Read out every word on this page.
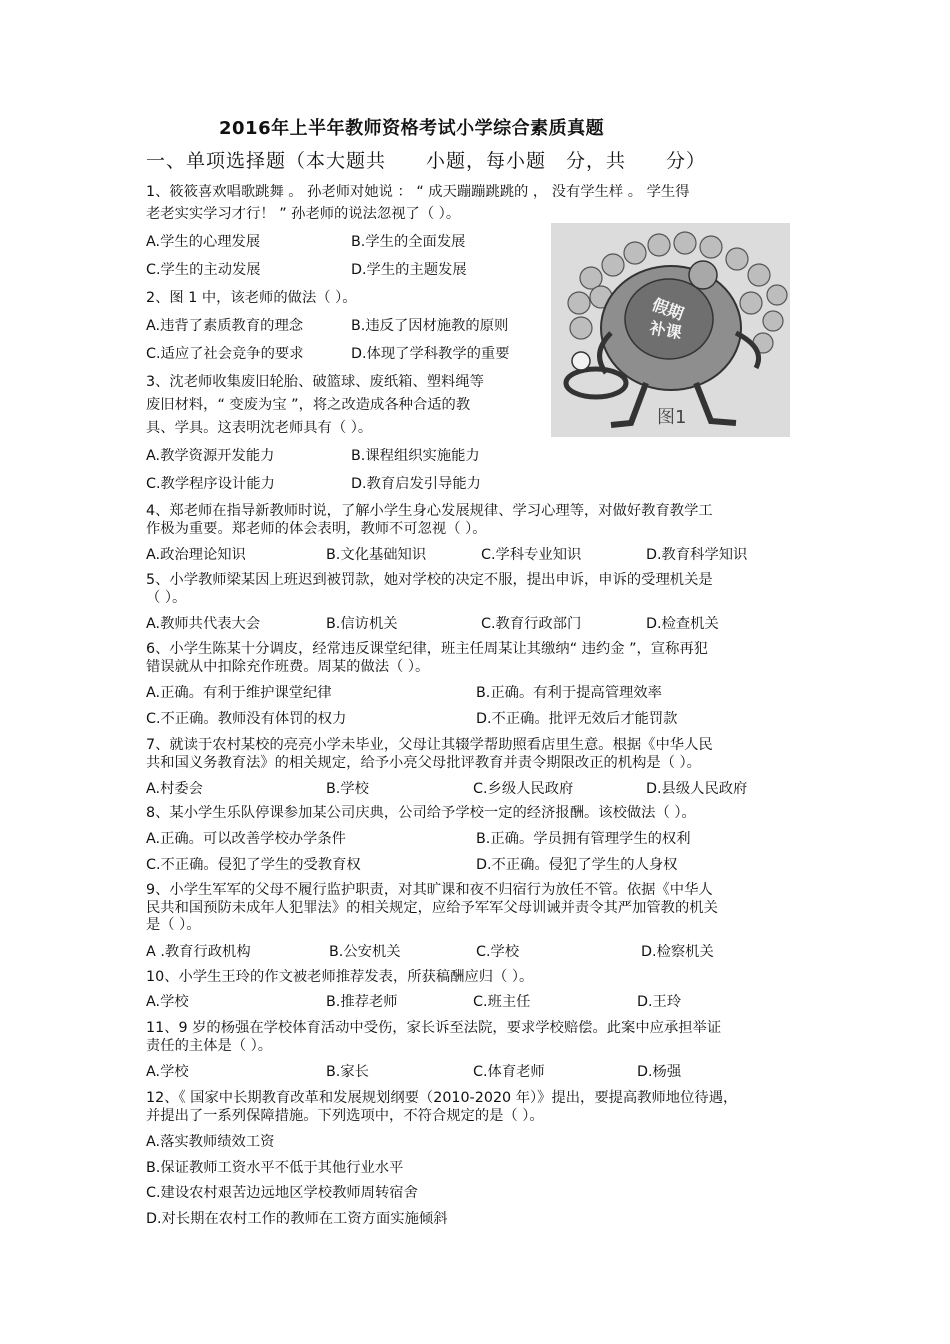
2016年上半年教师资格考试小学综合素质真题
一、单项选择题（本大题共　　小题，每小题　分，共　　分）
假期
补课
图1
1、筱筱喜欢唱歌跳舞 。 孙老师对她说 ： “ 成天蹦蹦跳跳的 ， 没有学生样 。 学生得
老老实实学习才行！ ” 孙老师的说法忽视了（ ）。
A.学生的心理发展	B.学生的全面发展
C.学生的主动发展	D.学生的主题发展
2、图 1 中，该老师的做法（ ）。
A.违背了素质教育的理念	B.违反了因材施教的原则
C.适应了社会竞争的要求	D.体现了学科教学的重要
3、沈老师收集废旧轮胎、破篮球、废纸箱、塑料绳等
废旧材料，“ 变废为宝 ”，将之改造成各种合适的教
具、学具。这表明沈老师具有（ ）。
A.教学资源开发能力	B.课程组织实施能力
C.教学程序设计能力	D.教育启发引导能力
4、郑老师在指导新教师时说，了解小学生身心发展规律、学习心理等，对做好教育教学工
作极为重要。郑老师的体会表明，教师不可忽视（ ）。
A.政治理论知识	B.文化基础知识	C.学科专业知识	D.教育科学知识
5、小学教师梁某因上班迟到被罚款，她对学校的决定不服，提出申诉，申诉的受理机关是
（ ）。
A.教师共代表大会	B.信访机关	C.教育行政部门	D.检查机关
6、小学生陈某十分调皮，经常违反课堂纪律，班主任周某让其缴纳“ 违约金 ”，宣称再犯
错误就从中扣除充作班费。周某的做法（ ）。
A.正确。有利于维护课堂纪律	B.正确。有利于提高管理效率
C.不正确。教师没有体罚的权力	D.不正确。批评无效后才能罚款
7、就读于农村某校的亮亮小学未毕业，父母让其辍学帮助照看店里生意。根据《中华人民
共和国义务教育法》的相关规定，给予小亮父母批评教育并责令期限改正的机构是（ ）。
A.村委会	B.学校	C.乡级人民政府	D.县级人民政府
8、某小学生乐队停课参加某公司庆典，公司给予学校一定的经济报酬。该校做法（ ）。
A.正确。可以改善学校办学条件	B.正确。学员拥有管理学生的权利
C.不正确。侵犯了学生的受教育权	D.不正确。侵犯了学生的人身权
9、小学生军军的父母不履行监护职责，对其旷课和夜不归宿行为放任不管。依据《中华人
民共和国预防未成年人犯罪法》的相关规定，应给予军军父母训诫并责令其严加管教的机关
是（ ）。
A .教育行政机构	B.公安机关	C.学校	D.检察机关
10、小学生王玲的作文被老师推荐发表，所获稿酬应归（ ）。
A.学校	B.推荐老师	C.班主任	D.王玲
11、9 岁的杨强在学校体育活动中受伤，家长诉至法院，要求学校赔偿。此案中应承担举证
责任的主体是（ ）。
A.学校	B.家长	C.体育老师	D.杨强
12、《 国家中长期教育改革和发展规划纲要（2010-2020 年）》提出，要提高教师地位待遇，
并提出了一系列保障措施。下列选项中，不符合规定的是（ ）。
A.落实教师绩效工资
B.保证教师工资水平不低于其他行业水平
C.建设农村艰苦边远地区学校教师周转宿舍
D.对长期在农村工作的教师在工资方面实施倾斜
